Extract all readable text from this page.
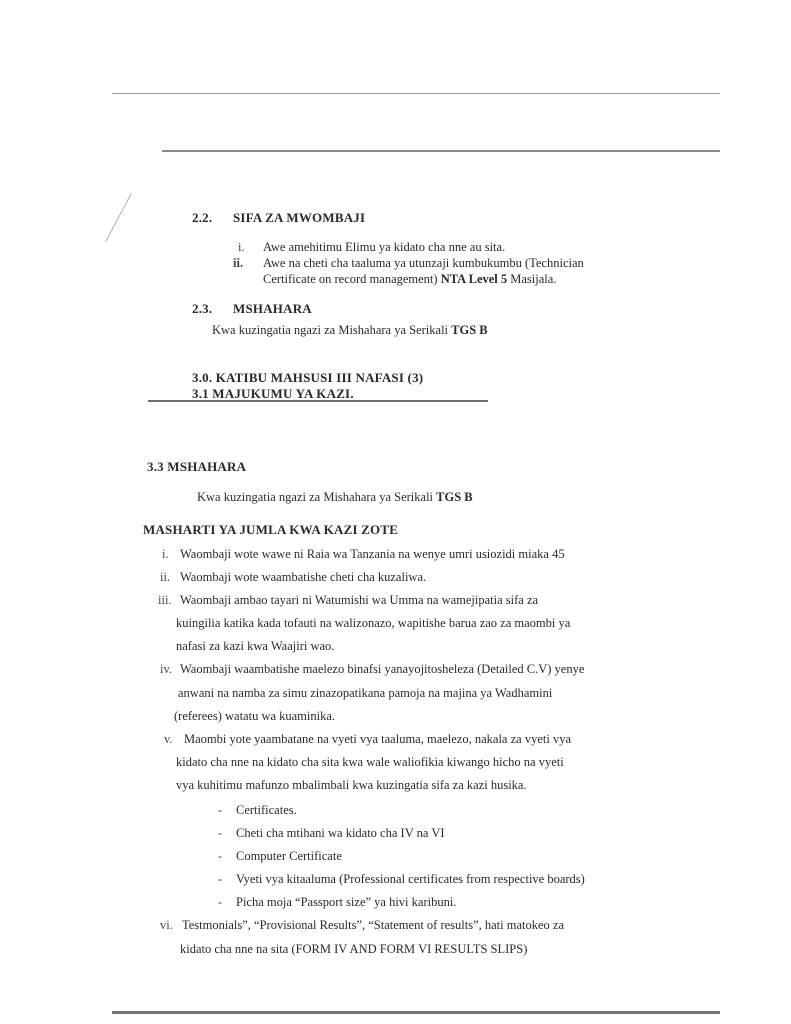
2.2. SIFA ZA MWOMBAJI
i. Awe amehitimu Elimu ya kidato cha nne au sita.
ii. Awe na cheti cha taaluma ya utunzaji kumbukumbu (Technician
Certificate on record management) NTA Level 5 Masijala.
2.3. MSHAHARA
Kwa kuzingatia ngazi za Mishahara ya Serikali TGS B
3.0. KATIBU MAHSUSI III NAFASI (3)
3.1 MAJUKUMU YA KAZI.
3.3 MSHAHARA
Kwa kuzingatia ngazi za Mishahara ya Serikali TGS B
MASHARTI YA JUMLA KWA KAZI ZOTE
i. Waombaji wote wawe ni Raia wa Tanzania na wenye umri usiozidi miaka 45
ii. Waombaji wote waambatishe cheti cha kuzaliwa.
iii. Waombaji ambao tayari ni Watumishi wa Umma na wamejipatia sifa za
kuingilia katika kada tofauti na walizonazo, wapitishe barua zao za maombi ya
nafasi za kazi kwa Waajiri wao.
iv. Waombaji waambatishe maelezo binafsi yanayojitosheleza (Detailed C.V) yenye
anwani na namba za simu zinazopatikana pamoja na majina ya Wadhamini
(referees) watatu wa kuaminika.
v. Maombi yote yaambatane na vyeti vya taaluma, maelezo, nakala za vyeti vya
kidato cha nne na kidato cha sita kwa wale waliofikia kiwango hicho na vyeti
vya kuhitimu mafunzo mbalimbali kwa kuzingatia sifa za kazi husika.
- Certificates.
- Cheti cha mtihani wa kidato cha IV na VI
- Computer Certificate
- Vyeti vya kitaaluma (Professional certificates from respective boards)
- Picha moja “Passport size” ya hivi karibuni.
vi. Testmonials”, “Provisional Results”, “Statement of results”, hati matokeo za
kidato cha nne na sita (FORM IV AND FORM VI RESULTS SLIPS)
